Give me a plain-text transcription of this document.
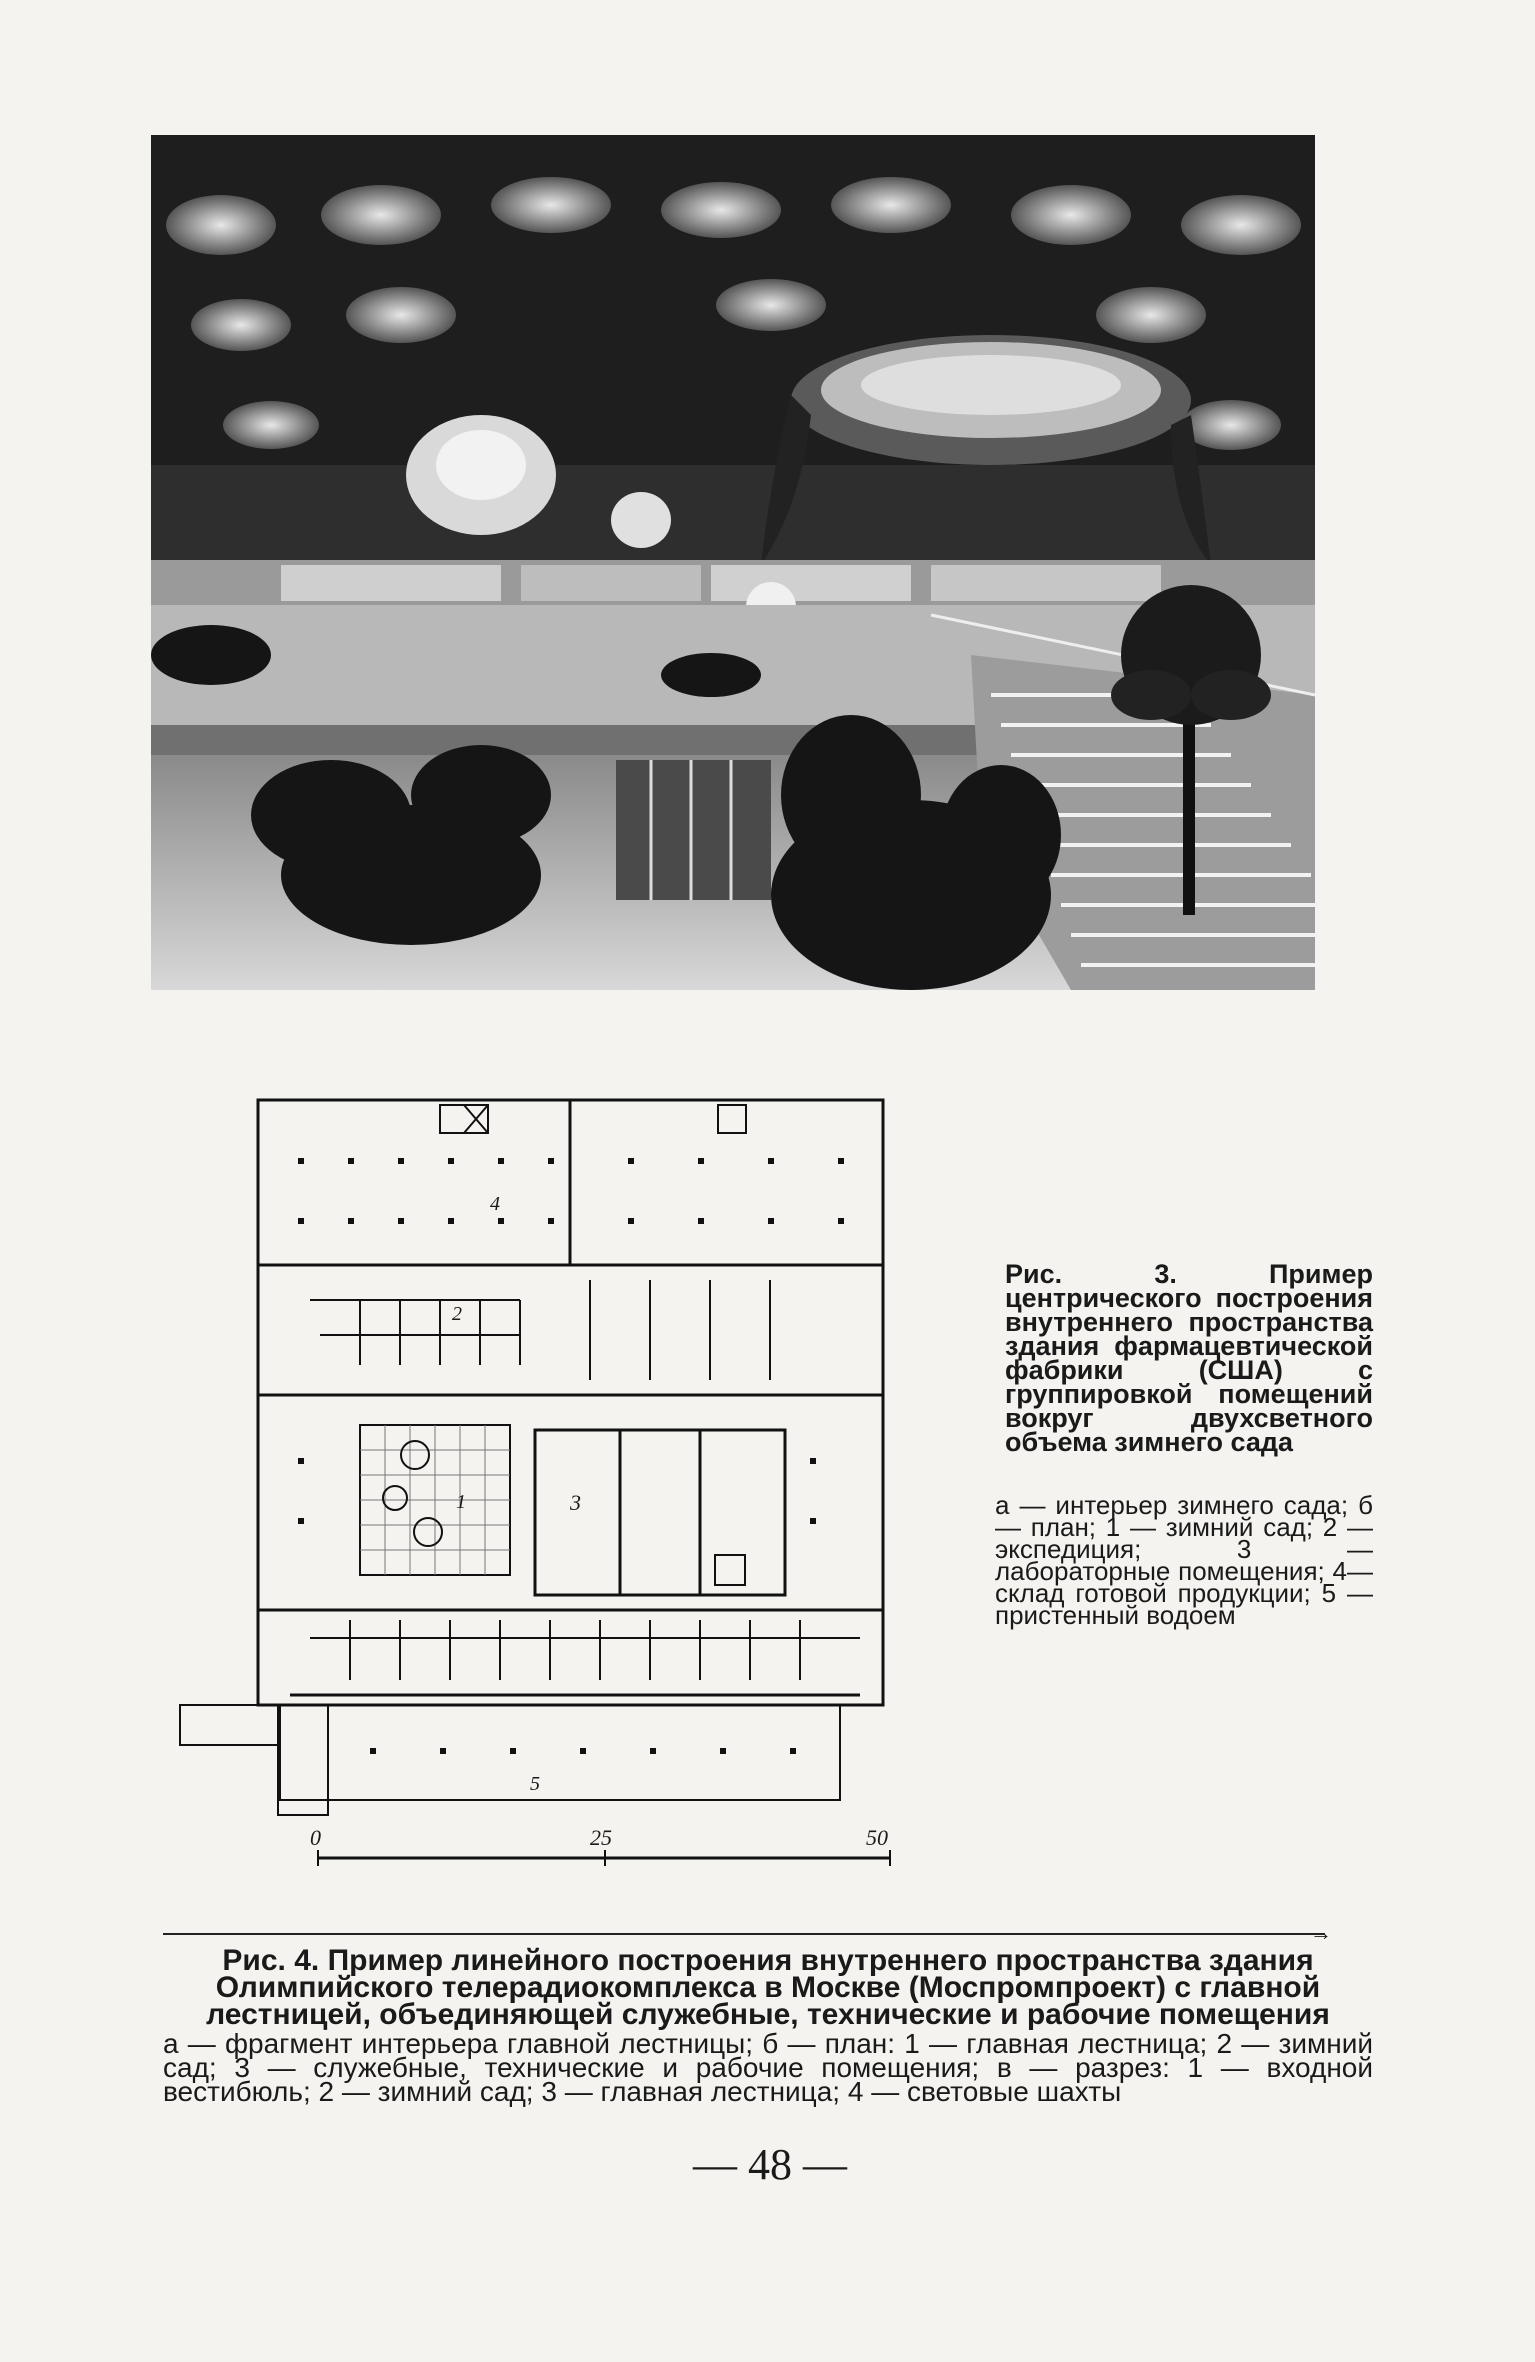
1
2
3
4
5
0	25	50
Рис. 3. Пример центрического построения внутреннего пространства здания фармацевтической фабрики (США) с группировкой помещений вокруг двухсветного объема зимнего сада
а — интерьер зимнего сада; б — план; 1 — зимний сад; 2 — экспедиция; 3 — лабораторные помещения; 4— склад готовой продукции; 5 — пристенный водоем
→
Рис. 4. Пример линейного построения внутреннего пространства здания Олимпийского телерадиокомплекса в Москве (Моспромпроект) с главной лестницей, объединяющей служебные, технические и рабочие помещения
а — фрагмент интерьера главной лестницы; б — план: 1 — главная лестница; 2 — зимний сад; 3 — служебные, технические и рабочие помещения; в — разрез: 1 — входной вестибюль; 2 — зимний сад; 3 — главная лестница; 4 — световые шахты
— 48 —
